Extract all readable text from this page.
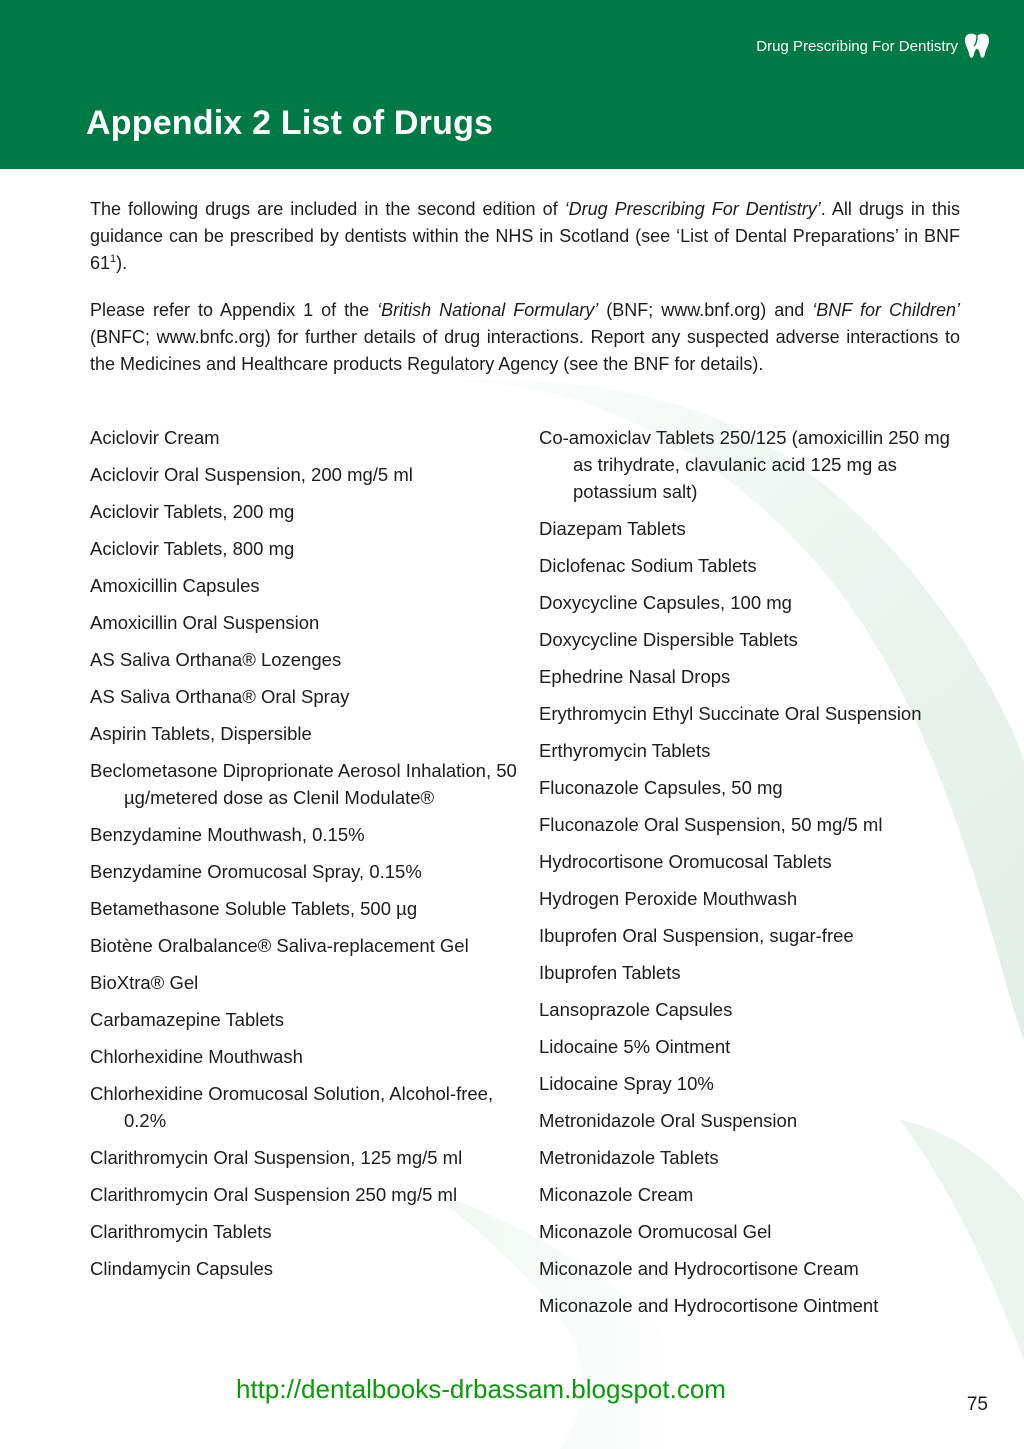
Drug Prescribing For Dentistry
Appendix 2 List of Drugs

The following drugs are included in the second edition of ‘Drug Prescribing For Dentistry’. All drugs in this guidance can be prescribed by dentists within the NHS in Scotland (see ‘List of Dental Preparations’ in BNF $61^1$).

Please refer to Appendix 1 of the ‘British National Formulary’ (BNF; www.bnf.org) and ‘BNF for Children’ (BNFC; www.bnfc.org) for further details of drug interactions. Report any suspected adverse interactions to the Medicines and Healthcare products Regulatory Agency (see the BNF for details).

Aciclovir Cream
Aciclovir Oral Suspension, 200 mg/5 ml
Aciclovir Tablets, 200 mg
Aciclovir Tablets, 800 mg
Amoxicillin Capsules
Amoxicillin Oral Suspension
AS Saliva Orthana® Lozenges
AS Saliva Orthana® Oral Spray
Aspirin Tablets, Dispersible
Beclometasone Diproprionate Aerosol Inhalation, 50 µg/metered dose as Clenil Modulate®
Benzydamine Mouthwash, 0.15%
Benzydamine Oromucosal Spray, 0.15%
Betamethasone Soluble Tablets, 500 µg
Biotène Oralbalance® Saliva-replacement Gel
BioXtra® Gel
Carbamazepine Tablets
Chlorhexidine Mouthwash
Chlorhexidine Oromucosal Solution, Alcohol-free, 0.2%
Clarithromycin Oral Suspension, 125 mg/5 ml
Clarithromycin Oral Suspension 250 mg/5 ml
Clarithromycin Tablets
Clindamycin Capsules
Co-amoxiclav Tablets 250/125 (amoxicillin 250 mg as trihydrate, clavulanic acid 125 mg as potassium salt)
Diazepam Tablets
Diclofenac Sodium Tablets
Doxycycline Capsules, 100 mg
Doxycycline Dispersible Tablets
Ephedrine Nasal Drops
Erythromycin Ethyl Succinate Oral Suspension
Erthyromycin Tablets
Fluconazole Capsules, 50 mg
Fluconazole Oral Suspension, 50 mg/5 ml
Hydrocortisone Oromucosal Tablets
Hydrogen Peroxide Mouthwash
Ibuprofen Oral Suspension, sugar-free
Ibuprofen Tablets
Lansoprazole Capsules
Lidocaine 5% Ointment
Lidocaine Spray 10%
Metronidazole Oral Suspension
Metronidazole Tablets
Miconazole Cream
Miconazole Oromucosal Gel
Miconazole and Hydrocortisone Cream
Miconazole and Hydrocortisone Ointment
http://dentalbooks-drbassam.blogspot.com
75
